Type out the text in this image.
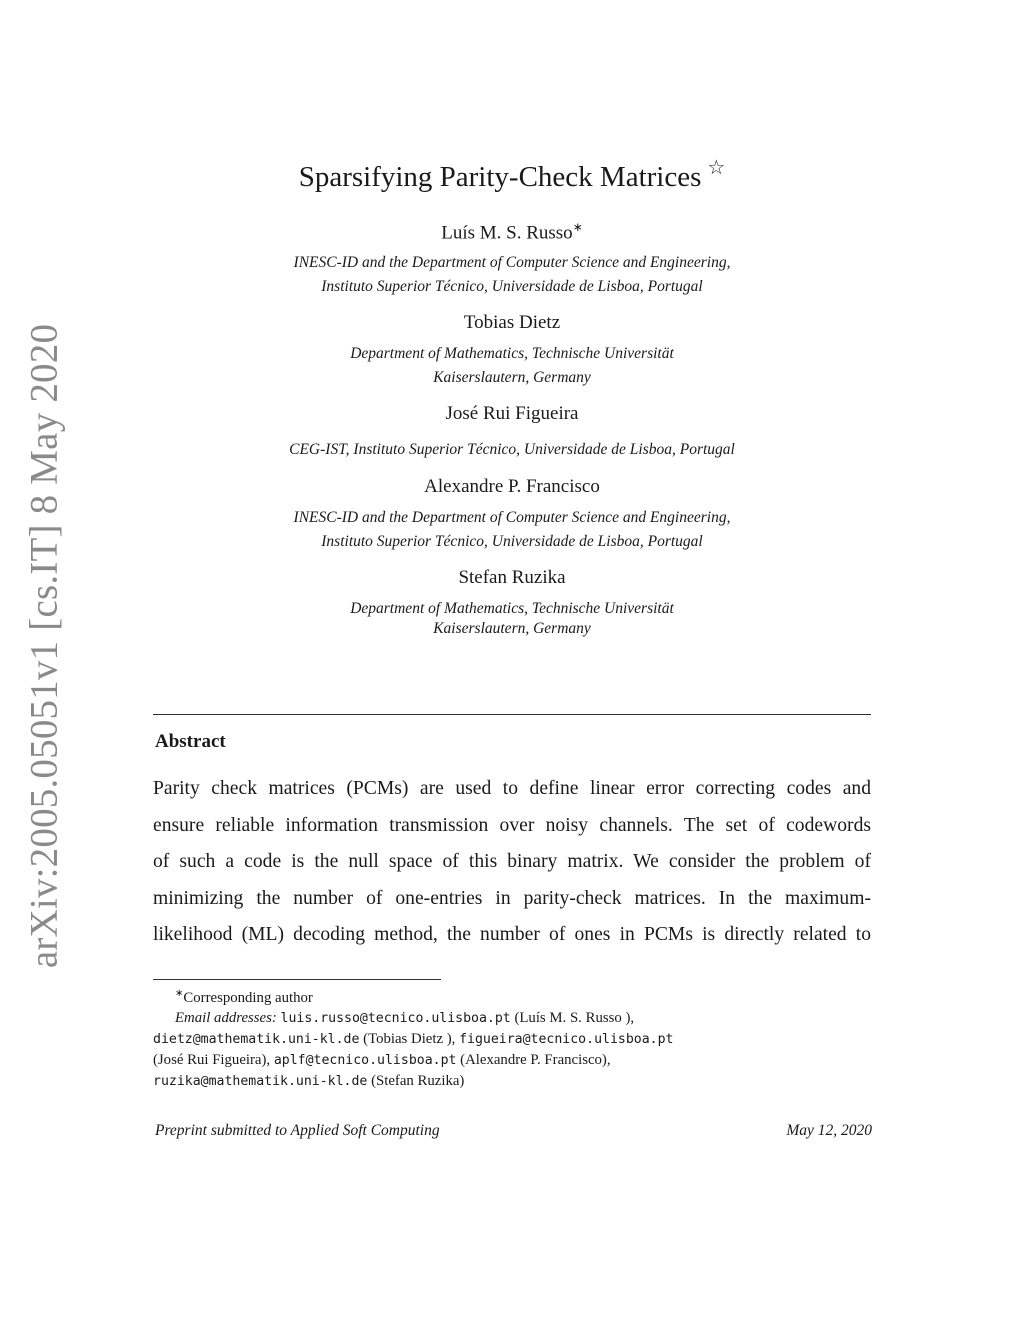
arXiv:2005.05051v1 [cs.IT] 8 May 2020
Sparsifying Parity-Check Matrices ☆
Luís M. S. Russo∗
INESC-ID and the Department of Computer Science and Engineering,
Instituto Superior Técnico, Universidade de Lisboa, Portugal
Tobias Dietz
Department of Mathematics, Technische Universität
Kaiserslautern, Germany
José Rui Figueira
CEG-IST, Instituto Superior Técnico, Universidade de Lisboa, Portugal
Alexandre P. Francisco
INESC-ID and the Department of Computer Science and Engineering,
Instituto Superior Técnico, Universidade de Lisboa, Portugal
Stefan Ruzika
Department of Mathematics, Technische Universität
Kaiserslautern, Germany
Abstract
Parity check matrices (PCMs) are used to define linear error correcting codes and
ensure reliable information transmission over noisy channels. The set of codewords
of such a code is the null space of this binary matrix. We consider the problem of
minimizing the number of one-entries in parity-check matrices. In the maximum-
likelihood (ML) decoding method, the number of ones in PCMs is directly related to
∗Corresponding author
Email addresses: luis.russo@tecnico.ulisboa.pt (Luís M. S. Russo ),
dietz@mathematik.uni-kl.de (Tobias Dietz ), figueira@tecnico.ulisboa.pt
(José Rui Figueira), aplf@tecnico.ulisboa.pt (Alexandre P. Francisco),
ruzika@mathematik.uni-kl.de (Stefan Ruzika)
Preprint submitted to Applied Soft Computing	May 12, 2020
